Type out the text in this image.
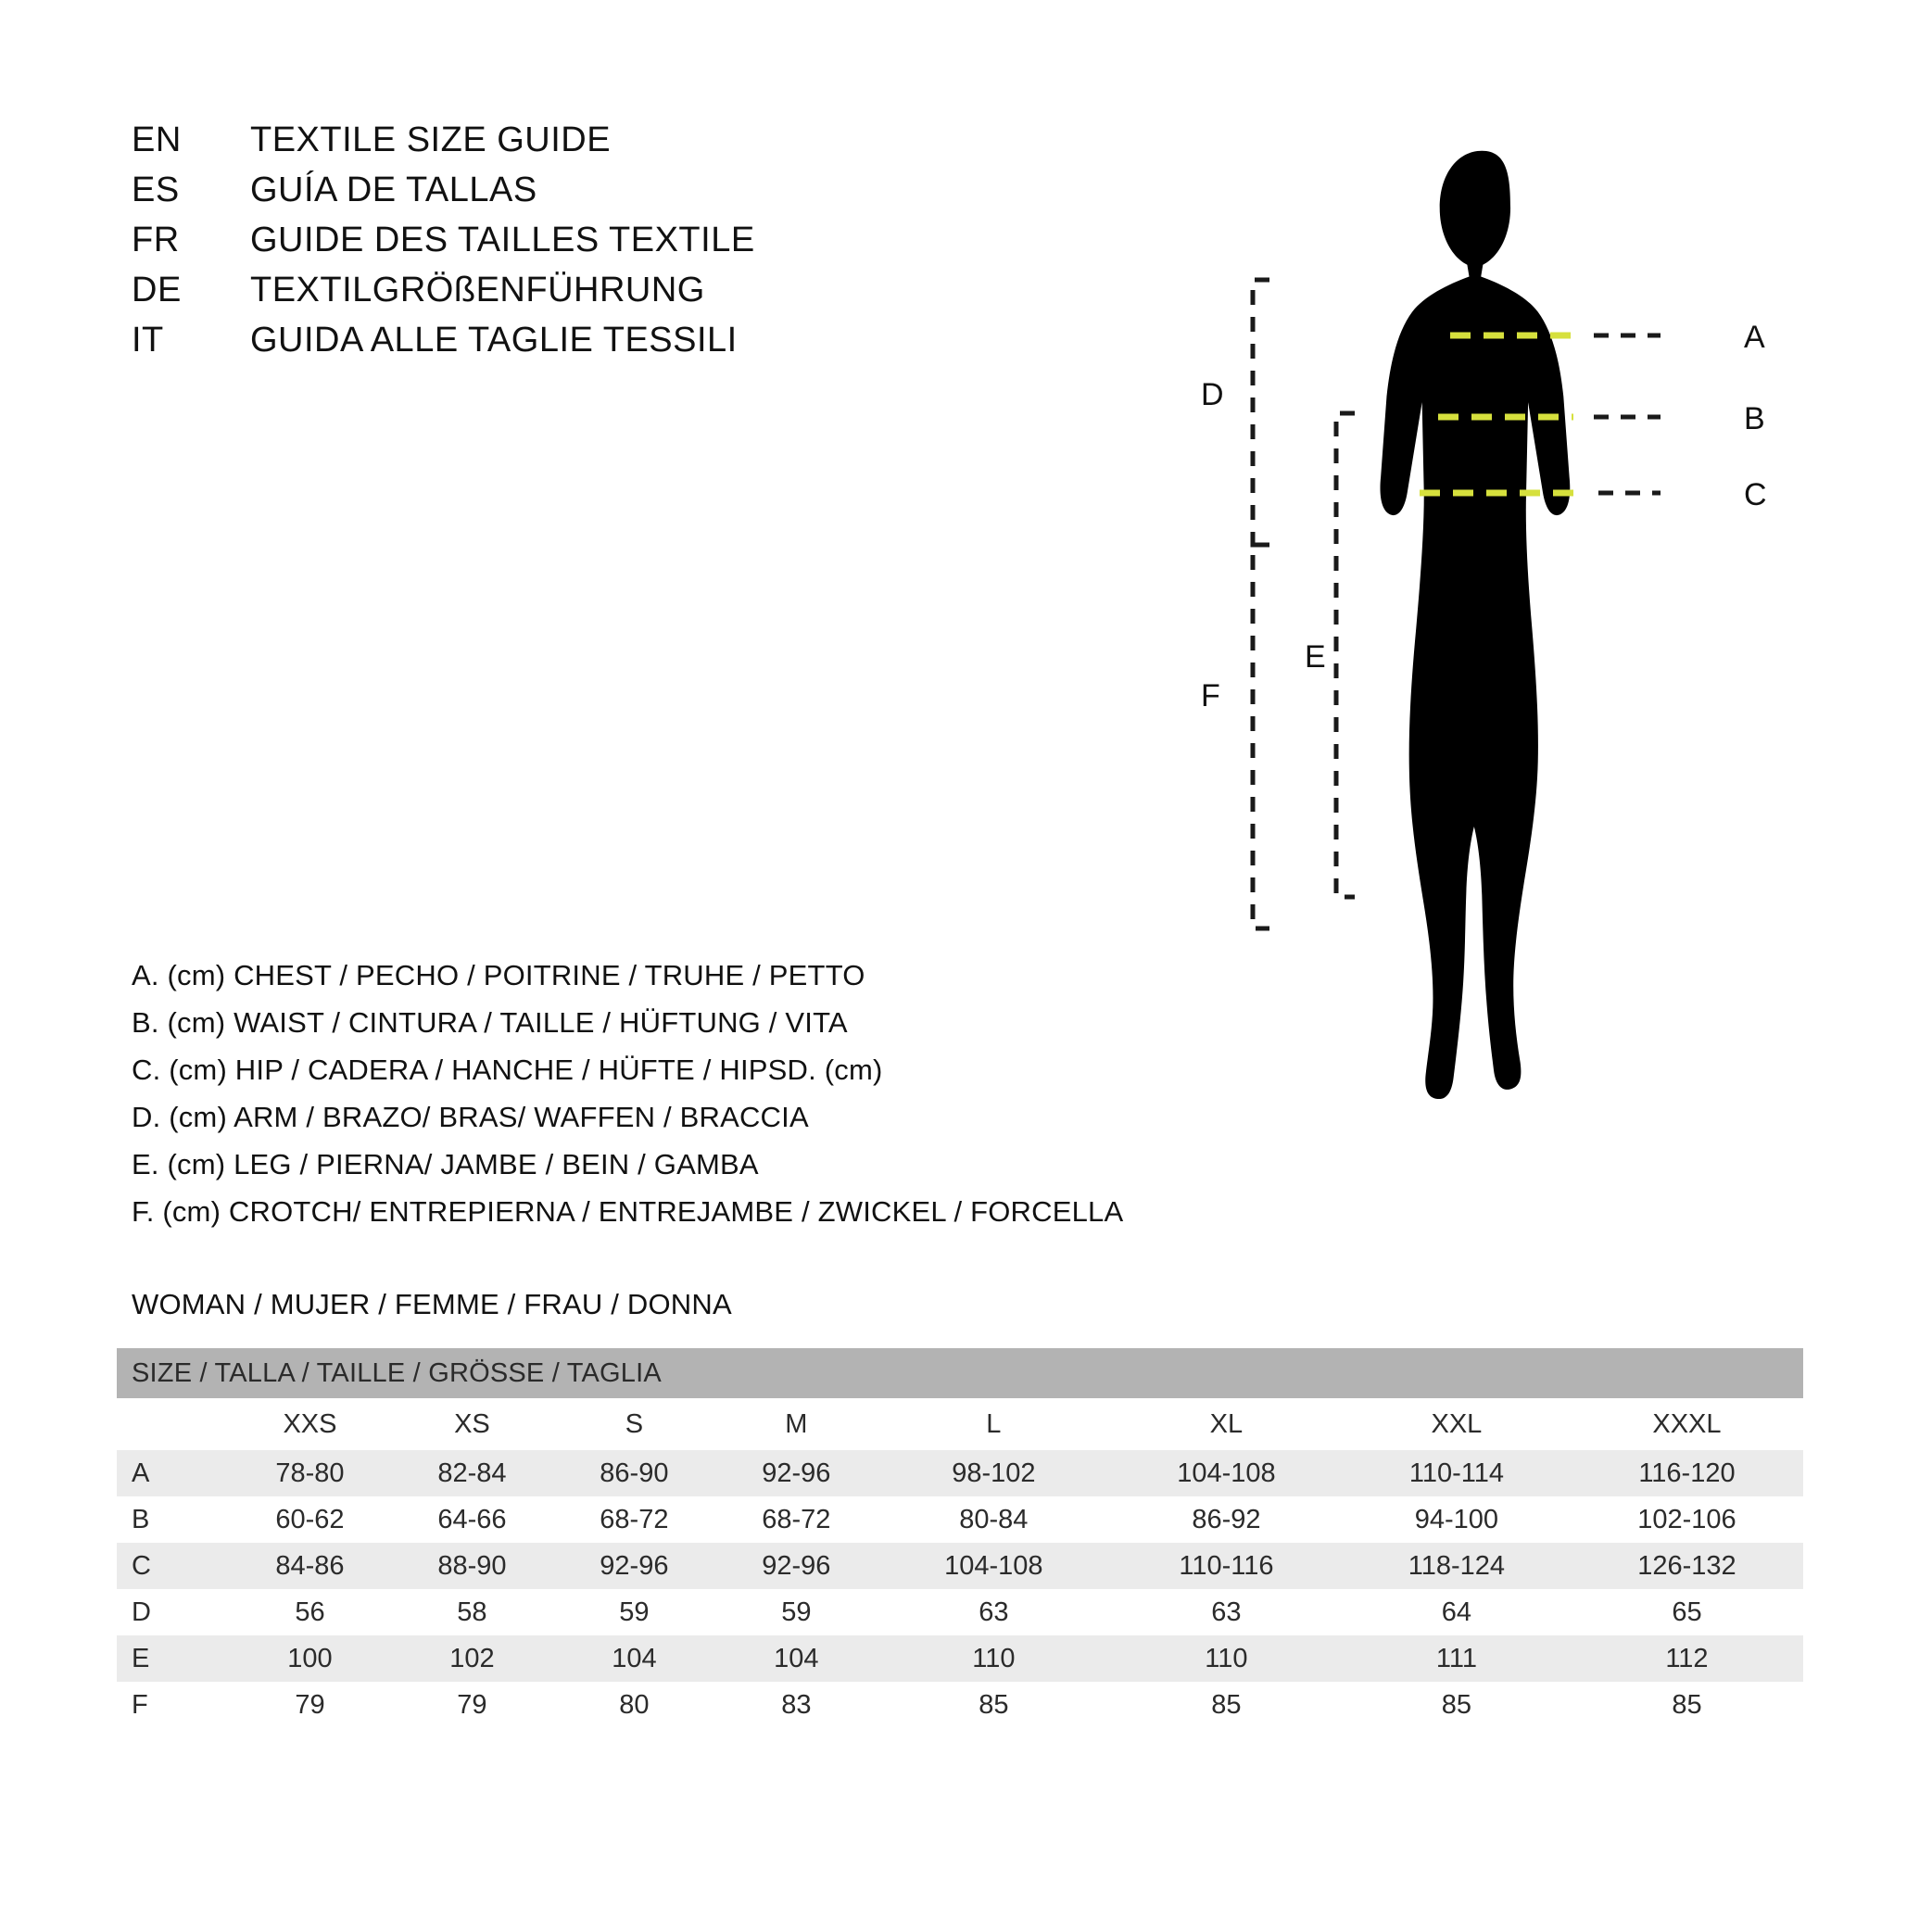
EN	TEXTILE SIZE GUIDE
ES	GUÍA DE TALLAS
FR	GUIDE DES TAILLES TEXTILE
DE	TEXTILGRÖßENFÜHRUNG
IT	GUIDA ALLE TAGLIE TESSILI
A. (cm) CHEST / PECHO / POITRINE / TRUHE / PETTO
B. (cm) WAIST / CINTURA / TAILLE / HÜFTUNG / VITA
C. (cm) HIP / CADERA / HANCHE / HÜFTE / HIPSD. (cm)
D. (cm) ARM / BRAZO/ BRAS/ WAFFEN / BRACCIA
E. (cm) LEG / PIERNA/ JAMBE / BEIN / GAMBA
F. (cm) CROTCH/ ENTREPIERNA / ENTREJAMBE / ZWICKEL / FORCELLA
WOMAN / MUJER / FEMME / FRAU / DONNA
SIZE / TALLA / TAILLE / GRÖSSE / TAGLIA								
	XXS	XS	S	M	L	XL	XXL	XXXL
A	78-80	82-84	86-90	92-96	98-102	104-108	110-114	116-120
B	60-62	64-66	68-72	68-72	80-84	86-92	94-100	102-106
C	84-86	88-90	92-96	92-96	104-108	110-116	118-124	126-132
D	56	58	59	59	63	63	64	65
E	100	102	104	104	110	110	111	112
F	79	79	80	83	85	85	85	85
A
B
C
D
E
F
